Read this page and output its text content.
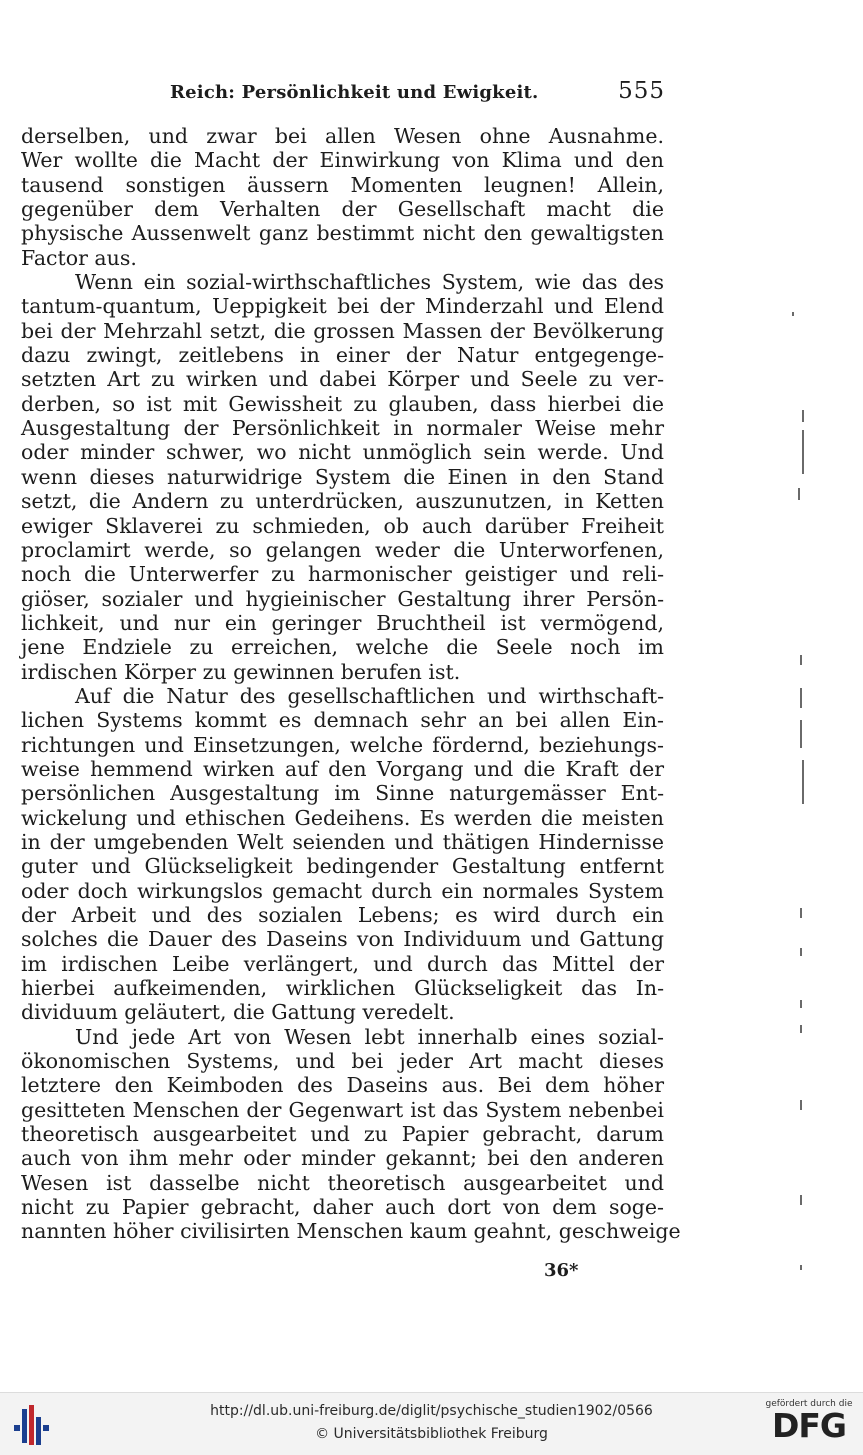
Reich: Persönlichkeit und Ewigkeit.	555
derselben, und zwar bei allen Wesen ohne Ausnahme.
Wer wollte die Macht der Einwirkung von Klima und den
tausend sonstigen äussern Momenten leugnen! Allein,
gegenüber dem Verhalten der Gesellschaft macht die
physische Aussenwelt ganz bestimmt nicht den gewaltigsten
Factor aus.
Wenn ein sozial-wirthschaftliches System, wie das des
tantum-quantum, Ueppigkeit bei der Minderzahl und Elend
bei der Mehrzahl setzt, die grossen Massen der Bevölkerung
dazu zwingt, zeitlebens in einer der Natur entgegenge-
setzten Art zu wirken und dabei Körper und Seele zu ver-
derben, so ist mit Gewissheit zu glauben, dass hierbei die
Ausgestaltung der Persönlichkeit in normaler Weise mehr
oder minder schwer, wo nicht unmöglich sein werde. Und
wenn dieses naturwidrige System die Einen in den Stand
setzt, die Andern zu unterdrücken, auszunutzen, in Ketten
ewiger Sklaverei zu schmieden, ob auch darüber Freiheit
proclamirt werde, so gelangen weder die Unterworfenen,
noch die Unterwerfer zu harmonischer geistiger und reli-
giöser, sozialer und hygieinischer Gestaltung ihrer Persön-
lichkeit, und nur ein geringer Bruchtheil ist vermögend,
jene Endziele zu erreichen, welche die Seele noch im
irdischen Körper zu gewinnen berufen ist.
Auf die Natur des gesellschaftlichen und wirthschaft-
lichen Systems kommt es demnach sehr an bei allen Ein-
richtungen und Einsetzungen, welche fördernd, beziehungs-
weise hemmend wirken auf den Vorgang und die Kraft der
persönlichen Ausgestaltung im Sinne naturgemässer Ent-
wickelung und ethischen Gedeihens. Es werden die meisten
in der umgebenden Welt seienden und thätigen Hindernisse
guter und Glückseligkeit bedingender Gestaltung entfernt
oder doch wirkungslos gemacht durch ein normales System
der Arbeit und des sozialen Lebens; es wird durch ein
solches die Dauer des Daseins von Individuum und Gattung
im irdischen Leibe verlängert, und durch das Mittel der
hierbei aufkeimenden, wirklichen Glückseligkeit das In-
dividuum geläutert, die Gattung veredelt.
Und jede Art von Wesen lebt innerhalb eines sozial-
ökonomischen Systems, und bei jeder Art macht dieses
letztere den Keimboden des Daseins aus. Bei dem höher
gesitteten Menschen der Gegenwart ist das System nebenbei
theoretisch ausgearbeitet und zu Papier gebracht, darum
auch von ihm mehr oder minder gekannt; bei den anderen
Wesen ist dasselbe nicht theoretisch ausgearbeitet und
nicht zu Papier gebracht, daher auch dort von dem soge-
nannten höher civilisirten Menschen kaum geahnt, geschweige
36*
http://dl.ub.uni-freiburg.de/diglit/psychische_studien1902/0566
© Universitätsbibliothek Freiburg
gefördert durch die
DFG
